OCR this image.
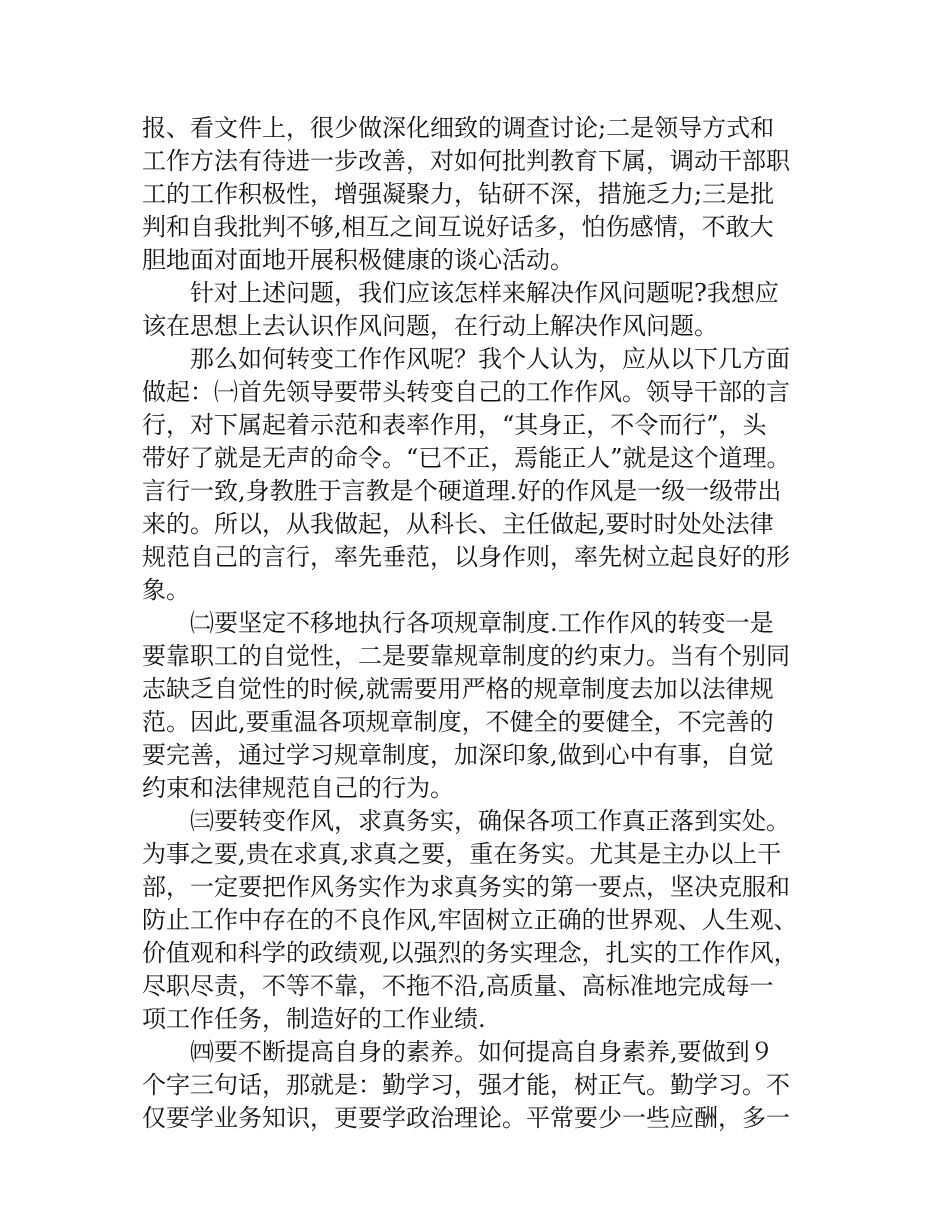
报、看文件上，很少做深化细致的调查讨论;二是领导方式和
工作方法有待进一步改善，对如何批判教育下属，调动干部职
工的工作积极性，增强凝聚力，钻研不深，措施乏力;三是批
判和自我批判不够,相互之间互说好话多，怕伤感情，不敢大
胆地面对面地开展积极健康的谈心活动。
针对上述问题，我们应该怎样来解决作风问题呢?我想应
该在思想上去认识作风问题，在行动上解决作风问题。
那么如何转变工作作风呢？我个人认为，应从以下几方面
做起：㈠首先领导要带头转变自己的工作作风。领导干部的言
行，对下属起着示范和表率作用，“其身正，不令而行”，头
带好了就是无声的命令。“已不正，焉能正人”就是这个道理。
言行一致,身教胜于言教是个硬道理.好的作风是一级一级带出
来的。所以，从我做起，从科长、主任做起,要时时处处法律
规范自己的言行，率先垂范，以身作则，率先树立起良好的形
象。
㈡要坚定不移地执行各项规章制度.工作作风的转变一是
要靠职工的自觉性，二是要靠规章制度的约束力。当有个别同
志缺乏自觉性的时候,就需要用严格的规章制度去加以法律规
范。因此,要重温各项规章制度，不健全的要健全，不完善的
要完善，通过学习规章制度，加深印象,做到心中有事，自觉
约束和法律规范自己的行为。
㈢要转变作风，求真务实，确保各项工作真正落到实处。
为事之要,贵在求真,求真之要，重在务实。尤其是主办以上干
部，一定要把作风务实作为求真务实的第一要点，坚决克服和
防止工作中存在的不良作风,牢固树立正确的世界观、人生观、
价值观和科学的政绩观,以强烈的务实理念，扎实的工作作风，
尽职尽责，不等不靠，不拖不沿,高质量、高标准地完成每一
项工作任务，制造好的工作业绩.
㈣要不断提高自身的素养。如何提高自身素养,要做到９
个字三句话，那就是：勤学习，强才能，树正气。勤学习。不
仅要学业务知识，更要学政治理论。平常要少一些应酬，多一
